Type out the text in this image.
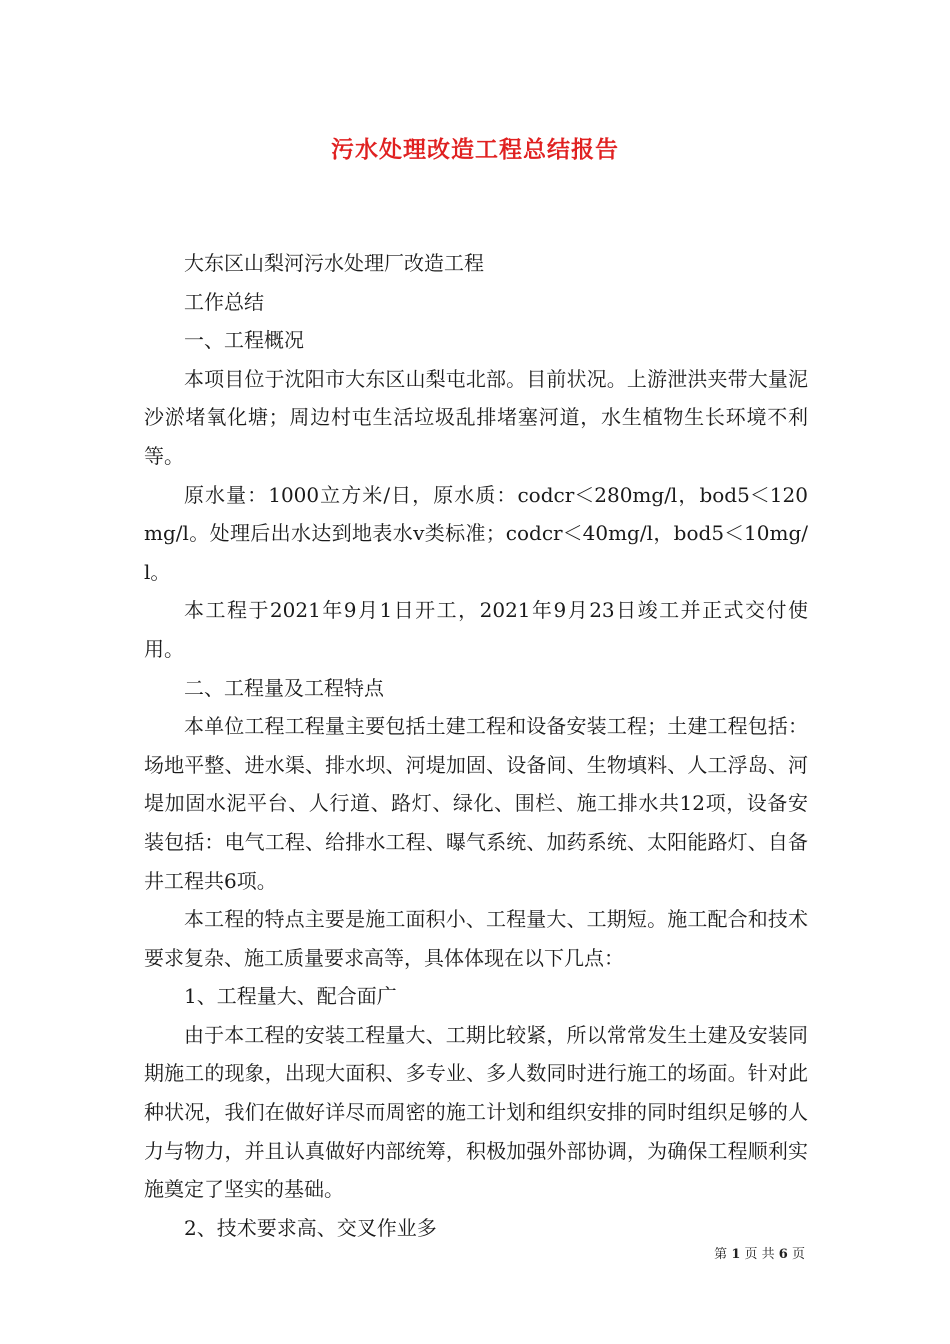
污水处理改造工程总结报告

大东区山梨河污水处理厂改造工程

工作总结

一、工程概况

本项目位于沈阳市大东区山梨屯北部。目前状况。上游泄洪夹带大量泥沙淤堵氧化塘；周边村屯生活垃圾乱排堵塞河道，水生植物生长环境不利等。

原水量：1000立方米/日，原水质：codcr＜280mg/l，bod5＜120mg/l。处理后出水达到地表水v类标准；codcr＜40mg/l，bod5＜10mg/l。

本工程于2021年9月1日开工，2021年9月23日竣工并正式交付使用。

二、工程量及工程特点

本单位工程工程量主要包括土建工程和设备安装工程；土建工程包括：场地平整、进水渠、排水坝、河堤加固、设备间、生物填料、人工浮岛、河堤加固水泥平台、人行道、路灯、绿化、围栏、施工排水共12项，设备安装包括：电气工程、给排水工程、曝气系统、加药系统、太阳能路灯、自备井工程共6项。

本工程的特点主要是施工面积小、工程量大、工期短。施工配合和技术要求复杂、施工质量要求高等，具体体现在以下几点：

1、工程量大、配合面广

由于本工程的安装工程量大、工期比较紧，所以常常发生土建及安装同期施工的现象，出现大面积、多专业、多人数同时进行施工的场面。针对此种状况，我们在做好详尽而周密的施工计划和组织安排的同时组织足够的人力与物力，并且认真做好内部统筹，积极加强外部协调，为确保工程顺利实施奠定了坚实的基础。

2、技术要求高、交叉作业多

第 1 页 共 6 页
